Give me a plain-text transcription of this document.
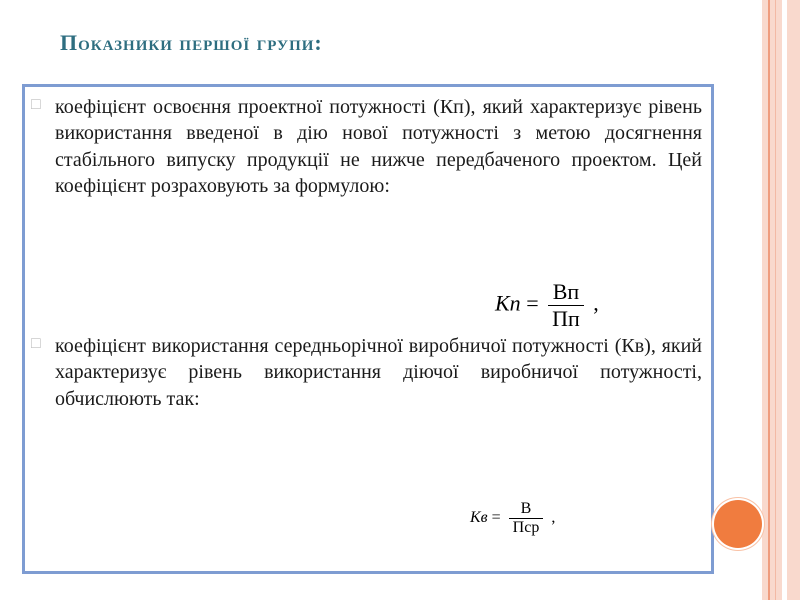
Показники першої групи:
□ коефіцієнт освоєння проектної потужності (Кп), який характеризує рівень використання введеної в дію нової потужності з метою досягнення стабільного випуску продукції не нижче передбаченого проектом. Цей коефіцієнт розраховують за формулою:
Kп = $\frac{Вп}{Пп}$ ,
□ коефіцієнт використання середньорічної виробничої потужності (Кв), який характеризує рівень використання діючої виробничої потужності, обчислюють так:
Kв = $\frac{В}{\text{Пср}}$ ,
